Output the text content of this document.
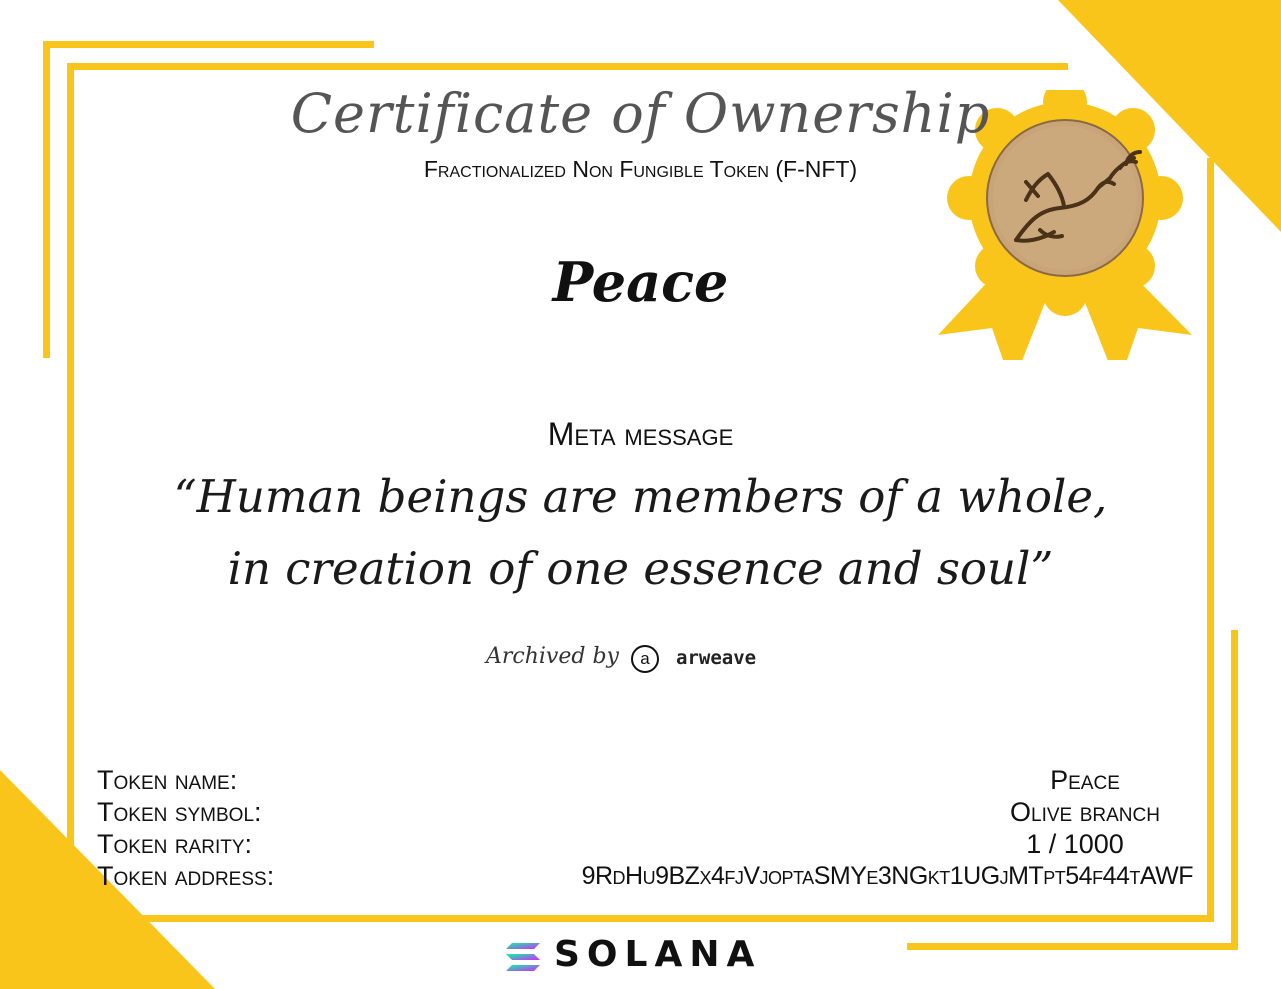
Certificate of Ownership
Fractionalized Non Fungible Token (F-NFT)
Peace
Meta message
“Human beings are members of a whole,
in creation of one essence and soul”
Archived by	a	arweave
Token name:	Peace
Token symbol:	Olive branch
Token rarity:	1 / 1000
Token address:	9RdHu9BZx4fjVjoptaSMYe3NGkt1UGjMTpt54f44tAWF
SOLANA
